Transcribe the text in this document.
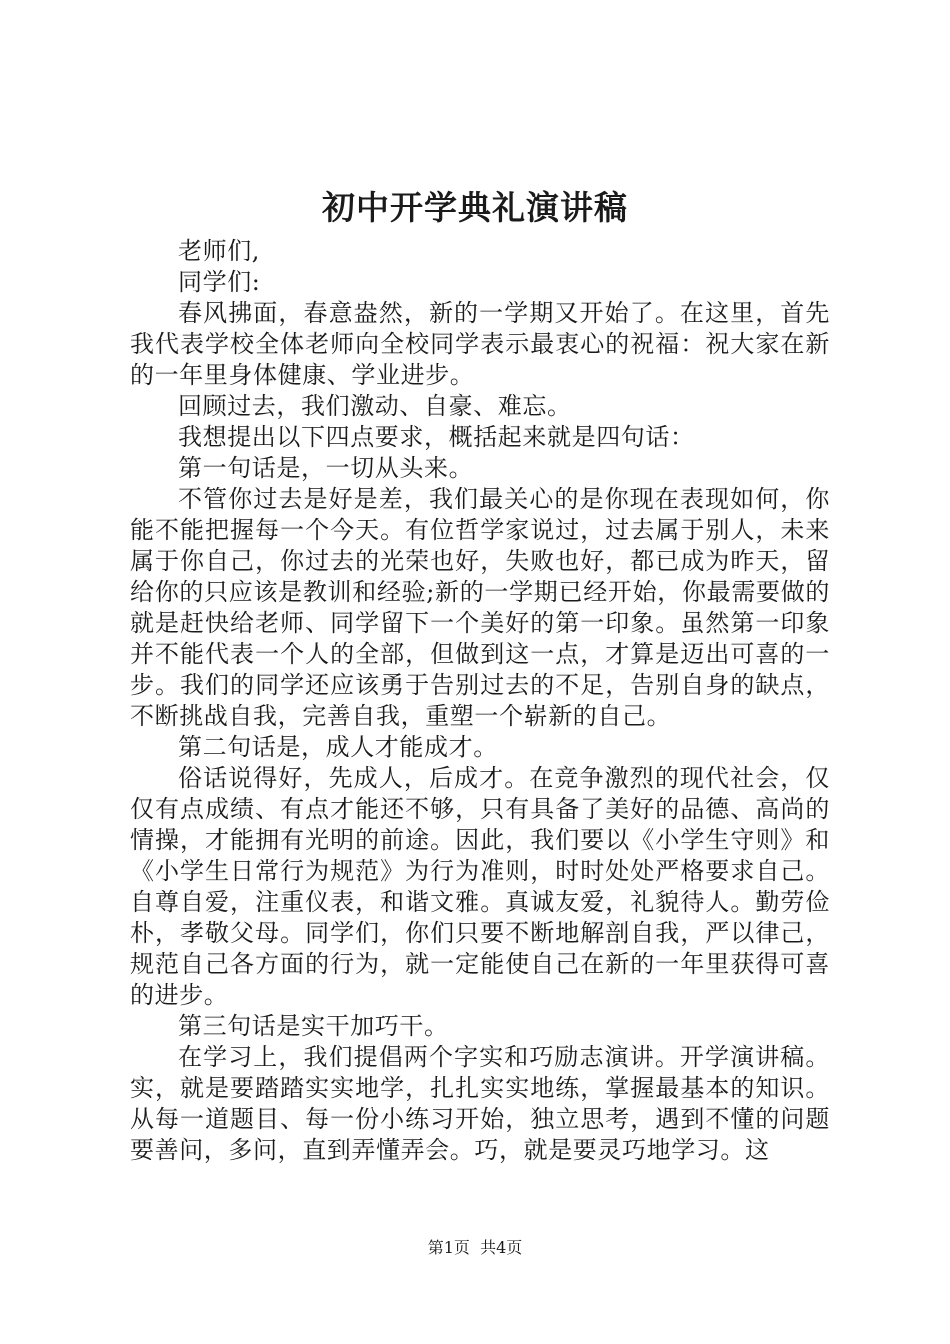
初中开学典礼演讲稿

老师们,

同学们:

春风拂面，春意盎然，新的一学期又开始了。在这里，首先我代表学校全体老师向全校同学表示最衷心的祝福：祝大家在新的一年里身体健康、学业进步。

回顾过去，我们激动、自豪、难忘。

我想提出以下四点要求，概括起来就是四句话：

第一句话是，一切从头来。

不管你过去是好是差，我们最关心的是你现在表现如何，你能不能把握每一个今天。有位哲学家说过，过去属于别人，未来属于你自己，你过去的光荣也好，失败也好，都已成为昨天，留给你的只应该是教训和经验;新的一学期已经开始，你最需要做的就是赶快给老师、同学留下一个美好的第一印象。虽然第一印象并不能代表一个人的全部，但做到这一点，才算是迈出可喜的一步。我们的同学还应该勇于告别过去的不足，告别自身的缺点，不断挑战自我，完善自我，重塑一个崭新的自己。

第二句话是，成人才能成才。

俗话说得好，先成人，后成才。在竞争激烈的现代社会，仅仅有点成绩、有点才能还不够，只有具备了美好的品德、高尚的情操，才能拥有光明的前途。因此，我们要以《小学生守则》和《小学生日常行为规范》为行为准则，时时处处严格要求自己。自尊自爱，注重仪表，和谐文雅。真诚友爱，礼貌待人。勤劳俭朴，孝敬父母。同学们，你们只要不断地解剖自我，严以律己，规范自己各方面的行为，就一定能使自己在新的一年里获得可喜的进步。

第三句话是实干加巧干。

在学习上，我们提倡两个字实和巧励志演讲。开学演讲稿。实，就是要踏踏实实地学，扎扎实实地练，掌握最基本的知识。从每一道题目、每一份小练习开始，独立思考，遇到不懂的问题要善问，多问，直到弄懂弄会。巧，就是要灵巧地学习。这

第1页 共4页
